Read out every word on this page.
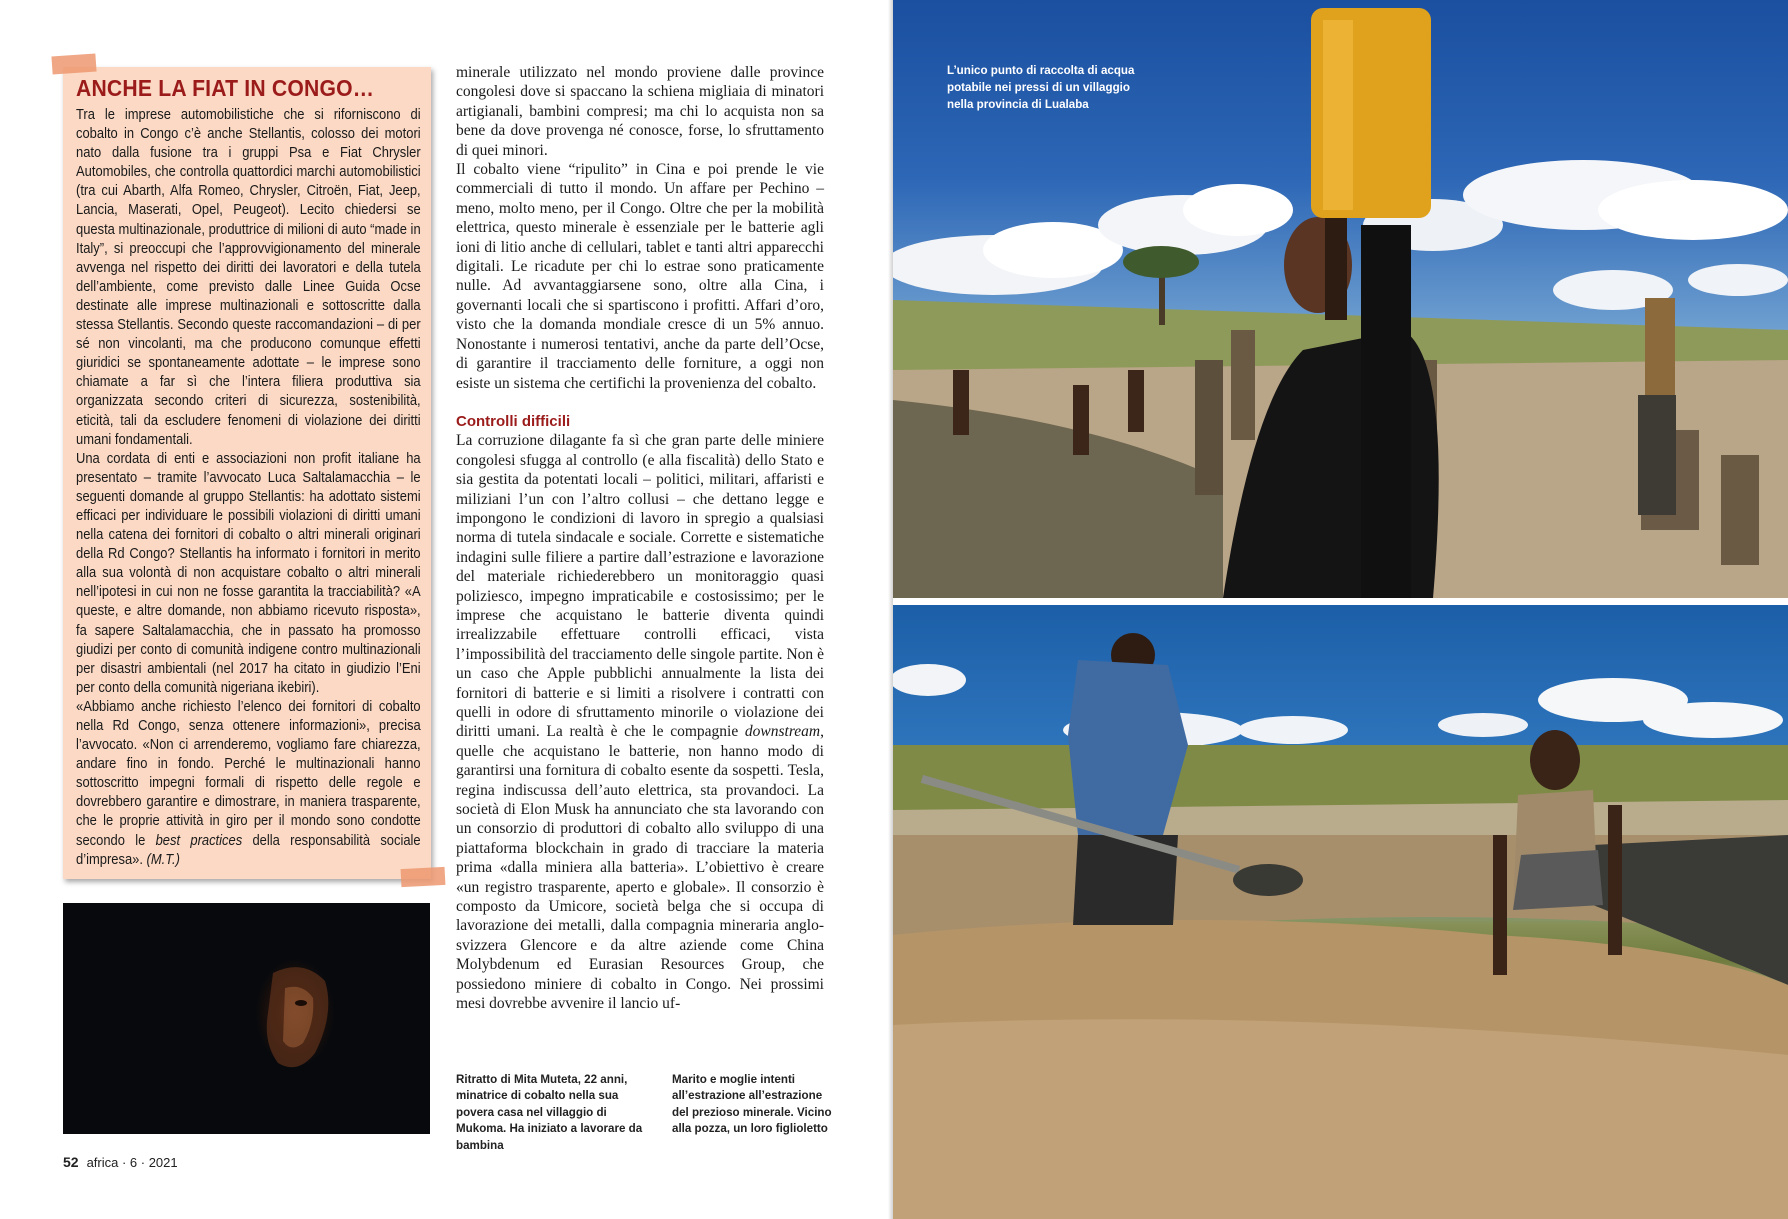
ANCHE LA FIAT IN CONGO…

Tra le imprese automobilistiche che si riforniscono di cobalto in Congo c’è anche Stellantis, colosso dei motori nato dalla fusione tra i gruppi Psa e Fiat Chrysler Automobiles, che controlla quattordici marchi automobilistici (tra cui Abarth, Alfa Romeo, Chrysler, Citroën, Fiat, Jeep, Lancia, Maserati, Opel, Peugeot). Lecito chiedersi se questa multinazionale, produttrice di milioni di auto “made in Italy”, si preoccupi che l’approvvigionamento del minerale avvenga nel rispetto dei diritti dei lavoratori e della tutela dell’ambiente, come previsto dalle Linee Guida Ocse destinate alle imprese multinazionali e sottoscritte dalla stessa Stellantis. Secondo queste raccomandazioni – di per sé non vincolanti, ma che producono comunque effetti giuridici se spontaneamente adottate – le imprese sono chiamate a far sì che l’intera filiera produttiva sia organizzata secondo criteri di sicurezza, sostenibilità, eticità, tali da escludere fenomeni di violazione dei diritti umani fondamentali.

Una cordata di enti e associazioni non profit italiane ha presentato – tramite l’avvocato Luca Saltalamacchia – le seguenti domande al gruppo Stellantis: ha adottato sistemi efficaci per individuare le possibili violazioni di diritti umani nella catena dei fornitori di cobalto o altri minerali originari della Rd Congo? Stellantis ha informato i fornitori in merito alla sua volontà di non acquistare cobalto o altri minerali nell’ipotesi in cui non ne fosse garantita la tracciabilità? «A queste, e altre domande, non abbiamo ricevuto risposta», fa sapere Saltalamacchia, che in passato ha promosso giudizi per conto di comunità indigene contro multinazionali per disastri ambientali (nel 2017 ha citato in giudizio l’Eni per conto della comunità nigeriana ikebiri).

«Abbiamo anche richiesto l’elenco dei fornitori di cobalto nella Rd Congo, senza ottenere informazioni», precisa l’avvocato. «Non ci arrenderemo, vogliamo fare chiarezza, andare fino in fondo. Perché le multinazionali hanno sottoscritto impegni formali di rispetto delle regole e dovrebbero garantire e dimostrare, in maniera trasparente, che le proprie attività in giro per il mondo sono condotte secondo le best practices della responsabilità sociale d’impresa». (M.T.)

minerale utilizzato nel mondo proviene dalle province congolesi dove si spaccano la schiena migliaia di minatori artigianali, bambini compresi; ma chi lo acquista non sa bene da dove provenga né conosce, forse, lo sfruttamento di quei minori.

Il cobalto viene “ripulito” in Cina e poi prende le vie commerciali di tutto il mondo. Un affare per Pechino – meno, molto meno, per il Congo. Oltre che per la mobilità elettrica, questo minerale è essenziale per le batterie agli ioni di litio anche di cellulari, tablet e tanti altri apparecchi digitali. Le ricadute per chi lo estrae sono praticamente nulle. Ad avvantaggiarsene sono, oltre alla Cina, i governanti locali che si spartiscono i profitti. Affari d’oro, visto che la domanda mondiale cresce di un 5% annuo. Nonostante i numerosi tentativi, anche da parte dell’Ocse, di garantire il tracciamento delle forniture, a oggi non esiste un sistema che certifichi la provenienza del cobalto.

Controlli difficili

La corruzione dilagante fa sì che gran parte delle miniere congolesi sfugga al controllo (e alla fiscalità) dello Stato e sia gestita da potentati locali – politici, militari, affaristi e miliziani l’un con l’altro collusi – che dettano legge e impongono le condizioni di lavoro in spregio a qualsiasi norma di tutela sindacale e sociale. Corrette e sistematiche indagini sulle filiere a partire dall’estrazione e lavorazione del materiale richiederebbero un monitoraggio quasi poliziesco, impegno impraticabile e costosissimo; per le imprese che acquistano le batterie diventa quindi irrealizzabile effettuare controlli efficaci, vista l’impossibilità del tracciamento delle singole partite. Non è un caso che Apple pubblichi annualmente la lista dei fornitori di batterie e si limiti a risolvere i contratti con quelli in odore di sfruttamento minorile o violazione dei diritti umani. La realtà è che le compagnie downstream, quelle che acquistano le batterie, non hanno modo di garantirsi una fornitura di cobalto esente da sospetti. Tesla, regina indiscussa dell’auto elettrica, sta provandoci. La società di Elon Musk ha annunciato che sta lavorando con un consorzio di produttori di cobalto allo sviluppo di una piattaforma blockchain in grado di tracciare la materia prima «dalla miniera alla batteria». L’obiettivo è creare «un registro trasparente, aperto e globale». Il consorzio è composto da Umicore, società belga che si occupa di lavorazione dei metalli, dalla compagnia mineraria anglo-svizzera Glencore e da altre aziende come China Molybdenum ed Eurasian Resources Group, che possiedono miniere di cobalto in Congo. Nei prossimi mesi dovrebbe avvenire il lancio uf-

Ritratto di Mita Muteta, 22 anni, minatrice di cobalto nella sua povera casa nel villaggio di Mukoma. Ha iniziato a lavorare da bambina
Marito e moglie intenti all’estrazione all’estrazione del prezioso minerale. Vicino alla pozza, un loro figlioletto
52 africa · 6 · 2021
L’unico punto di raccolta di acqua potabile nei pressi di un villaggio nella provincia di Lualaba
